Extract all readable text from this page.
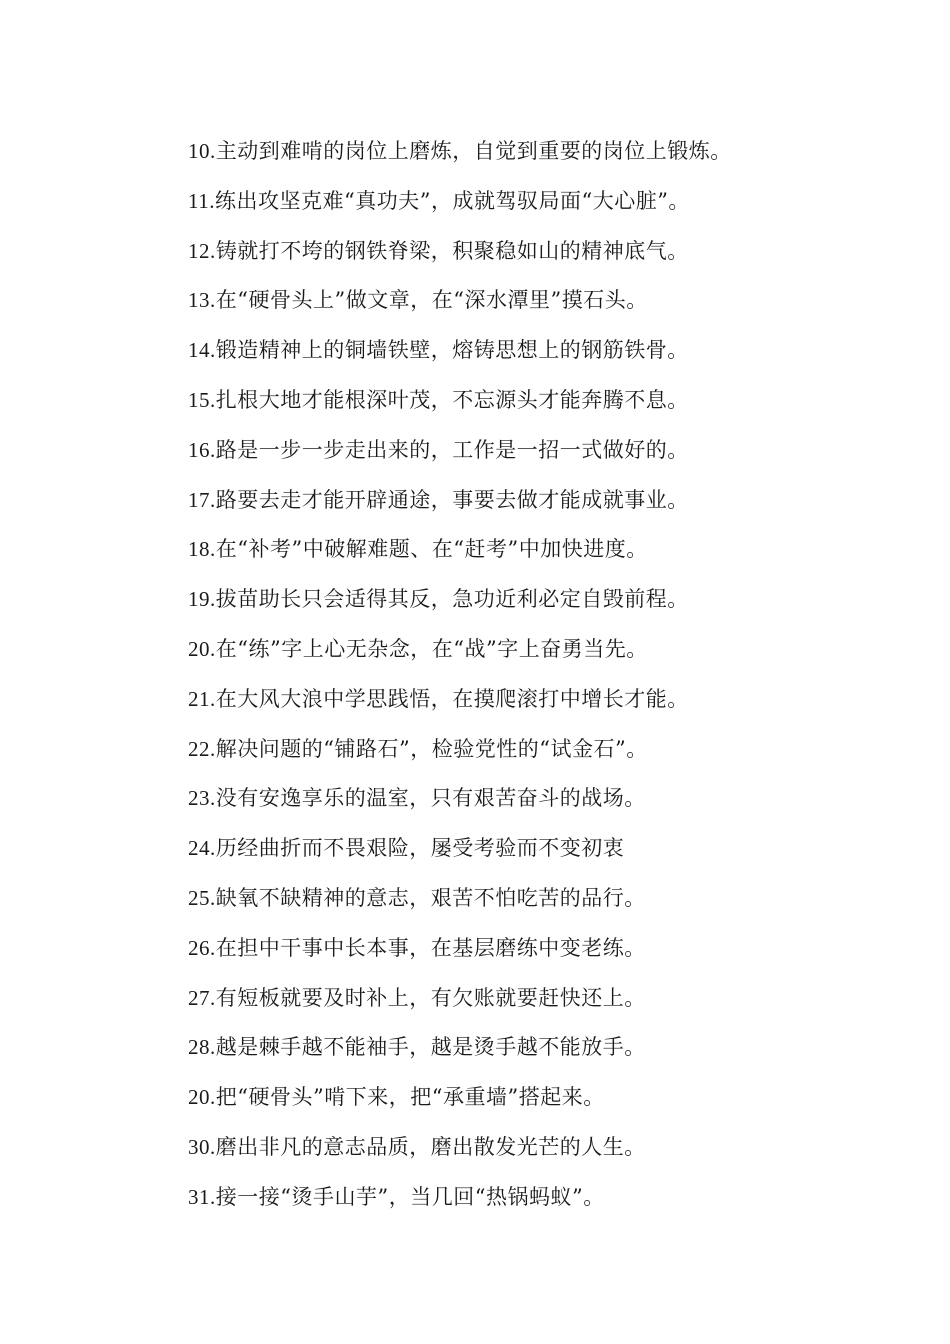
10.主动到难啃的岗位上磨炼，自觉到重要的岗位上锻炼。
11.练出攻坚克难“真功夫”，成就驾驭局面“大心脏”。
12.铸就打不垮的钢铁脊梁，积聚稳如山的精神底气。
13.在“硬骨头上”做文章，在“深水潭里”摸石头。
14.锻造精神上的铜墙铁壁，熔铸思想上的钢筋铁骨。
15.扎根大地才能根深叶茂，不忘源头才能奔腾不息。
16.路是一步一步走出来的，工作是一招一式做好的。
17.路要去走才能开辟通途，事要去做才能成就事业。
18.在“补考”中破解难题、在“赶考”中加快进度。
19.拔苗助长只会适得其反，急功近利必定自毁前程。
20.在“练”字上心无杂念，在“战”字上奋勇当先。
21.在大风大浪中学思践悟，在摸爬滚打中增长才能。
22.解决问题的“铺路石”，检验党性的“试金石”。
23.没有安逸享乐的温室，只有艰苦奋斗的战场。
24.历经曲折而不畏艰险，屡受考验而不变初衷
25.缺氧不缺精神的意志，艰苦不怕吃苦的品行。
26.在担中干事中长本事，在基层磨练中变老练。
27.有短板就要及时补上，有欠账就要赶快还上。
28.越是棘手越不能袖手，越是烫手越不能放手。
20.把“硬骨头”啃下来，把“承重墙”搭起来。
30.磨出非凡的意志品质，磨出散发光芒的人生。
31.接一接“烫手山芋”，当几回“热锅蚂蚁”。
